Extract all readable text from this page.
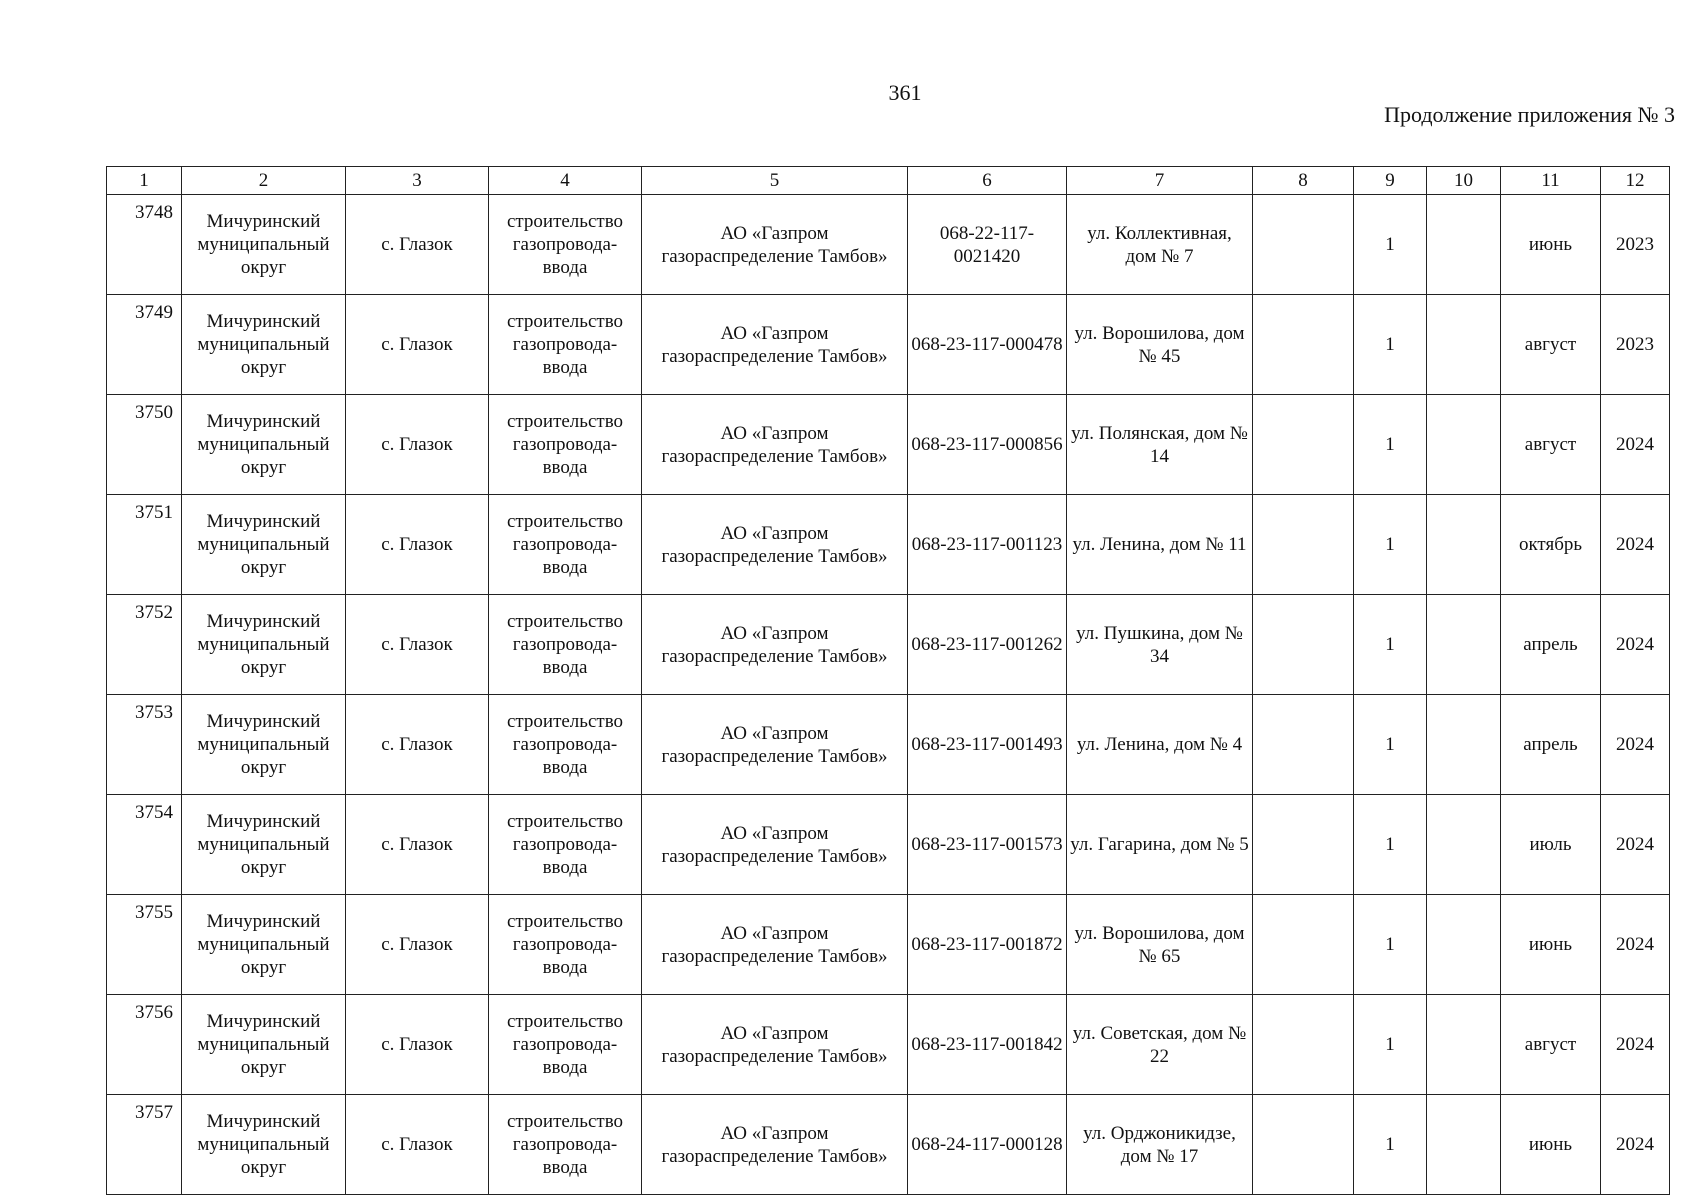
361
Продолжение приложения № 3
1	2	3	4	5	6	7	8	9	10	11	12
3748	Мичуринский муниципальный округ	с. Глазок	строительство газопровода-ввода	АО «Газпром газораспределение Тамбов»	068-22-117-0021420	ул. Коллективная, дом № 7		1		июнь	2023
3749	Мичуринский муниципальный округ	с. Глазок	строительство газопровода-ввода	АО «Газпром газораспределение Тамбов»	068-23-117-000478	ул. Ворошилова, дом № 45		1		август	2023
3750	Мичуринский муниципальный округ	с. Глазок	строительство газопровода-ввода	АО «Газпром газораспределение Тамбов»	068-23-117-000856	ул. Полянская, дом № 14		1		август	2024
3751	Мичуринский муниципальный округ	с. Глазок	строительство газопровода-ввода	АО «Газпром газораспределение Тамбов»	068-23-117-001123	ул. Ленина, дом № 11		1		октябрь	2024
3752	Мичуринский муниципальный округ	с. Глазок	строительство газопровода-ввода	АО «Газпром газораспределение Тамбов»	068-23-117-001262	ул. Пушкина, дом № 34		1		апрель	2024
3753	Мичуринский муниципальный округ	с. Глазок	строительство газопровода-ввода	АО «Газпром газораспределение Тамбов»	068-23-117-001493	ул. Ленина, дом № 4		1		апрель	2024
3754	Мичуринский муниципальный округ	с. Глазок	строительство газопровода-ввода	АО «Газпром газораспределение Тамбов»	068-23-117-001573	ул. Гагарина, дом № 5		1		июль	2024
3755	Мичуринский муниципальный округ	с. Глазок	строительство газопровода-ввода	АО «Газпром газораспределение Тамбов»	068-23-117-001872	ул. Ворошилова, дом № 65		1		июнь	2024
3756	Мичуринский муниципальный округ	с. Глазок	строительство газопровода-ввода	АО «Газпром газораспределение Тамбов»	068-23-117-001842	ул. Советская, дом № 22		1		август	2024
3757	Мичуринский муниципальный округ	с. Глазок	строительство газопровода-ввода	АО «Газпром газораспределение Тамбов»	068-24-117-000128	ул. Орджоникидзе, дом № 17		1		июнь	2024
